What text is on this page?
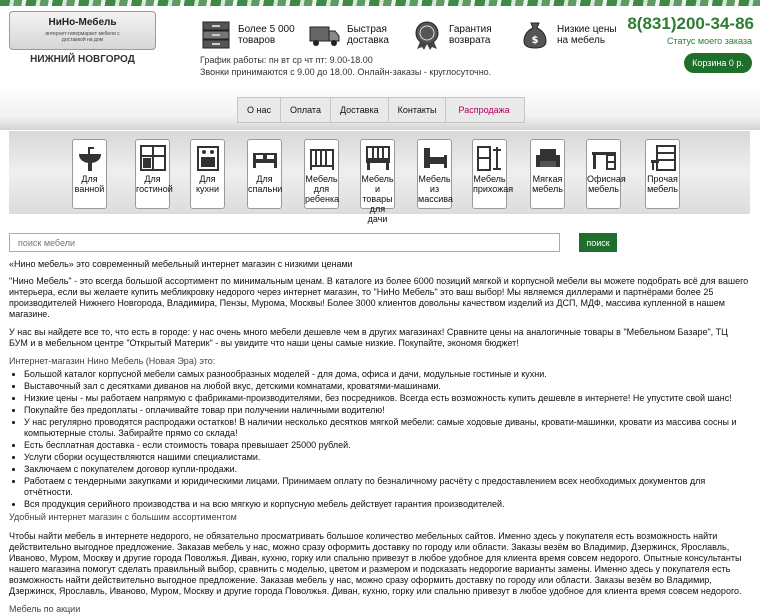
НиНо-Мебель
интернет-гипермаркет мебели с доставкой на дом
НИЖНИЙ НОВГОРОД
Более 5 000 товаров
Быстрая доставка
Гарантия возврата	$
Низкие цены на мебель
8(831)200-34-86
Статус моего заказа
Корзина 0 р.
График работы: пн вт ср чт пт: 9.00-18.00
Звонки принимаются с 9.00 до 18.00. Онлайн-заказы - круглосуточно.
О нас	Оплата	Доставка	Контакты	Распродажа
Для ванной
Для гостиной
Для кухни
Для спальни
Мебель для ребенка
Мебель и товары для дачи
Мебель из массива
Мебель прихожая
Мягкая мебель
Офисная мебель
Прочая мебель
поиск мебели
поиск
«Нино мебель» это современный мебельный интернет магазин с низкими ценами

"Нино Мебель" - это всегда большой ассортимент по минимальным ценам. В каталоге из более 6000 позиций мягкой и корпусной мебели вы можете подобрать всё для вашего интерьера, если вы желаете купить мебликровку недорого через интернет магазин, то "НиНо Мебель" это ваш выбор! Мы являемся диллерами и партнёрами более 25 производителей Нижнего Новгорода, Владимира, Пензы, Мурома, Москвы! Более 3000 клиентов довольны качеством изделий из ДСП, МДФ, массива купленной в нашем магазине.

У нас вы найдете все то, что есть в городе: у нас очень много мебели дешевле чем в других магазинах! Сравните цены на аналогичные товары в "Мебельном Базаре", ТЦ БУМ и в мебельном центре "Открытый Материк" - вы увидите что наши цены самые низкие. Покупайте, экономя бюджет!

Интернет-магазин Нино Мебель (Новая Эра) это:
• Большой каталог корпусной мебели самых разнообразных моделей - для дома, офиса и дачи, модульные гостиные и кухни.
• Выставочный зал с десятками диванов на любой вкус, детскими комнатами, кроватями-машинами.
• Низкие цены - мы работаем напрямую с фабриками-производителями, без посредников. Всегда есть возможность купить дешевле в интернете! Не упустите свой шанс!
• Покупайте без предоплаты - оплачивайте товар при получении наличными водителю!
• У нас регулярно проводятся распродажи остатков! В наличии несколько десятков мягкой мебели: самые ходовые диваны, кровати-машинки, кровати из массива сосны и компьютерные столы. Забирайте прямо со склада!
• Есть бесплатная доставка - если стоимость товара превышает 25000 рублей.
• Услуги сборки осуществляются нашими специалистами.
• Заключаем с покупателем договор купли-продажи.
• Работаем с тендерными закупками и юридическими лицами. Принимаем оплату по безналичному расчёту с предоставлением всех необходимых документов для отчётности.
• Вся продукция серийного производства и на всю мягкую и корпусную мебель действует гарантия производителей.
Удобный интернет магазин с большим ассортиментом

Чтобы найти мебель в интернете недорого, не обязательно просматривать большое количество мебельных сайтов. Именно здесь у покупателя есть возможность найти действительно выгодное предложение. Заказав мебель у нас, можно сразу оформить доставку по городу или области. Заказы везём во Владимир, Дзержинск, Ярославль, Иваново, Муром, Москву и другие города Поволжья. Диван, кухню, горку или спальню привезут в любое удобное для клиента время совсем недорого. Опытные консультанты нашего магазина помогут сделать правильный выбор, сравнить с моделью, цветом и размером и подсказать недорогие варианты замены. Именно здесь у покупателя есть возможность найти действительно выгодное предложение. Заказав мебель у нас, можно сразу оформить доставку по городу или области. Заказы везём во Владимир, Дзержинск, Ярославль, Иваново, Муром, Москву и другие города Поволжья. Диван, кухню, горку или спальню привезут в любое удобное для клиента время совсем недорого.

Мебель по акции
